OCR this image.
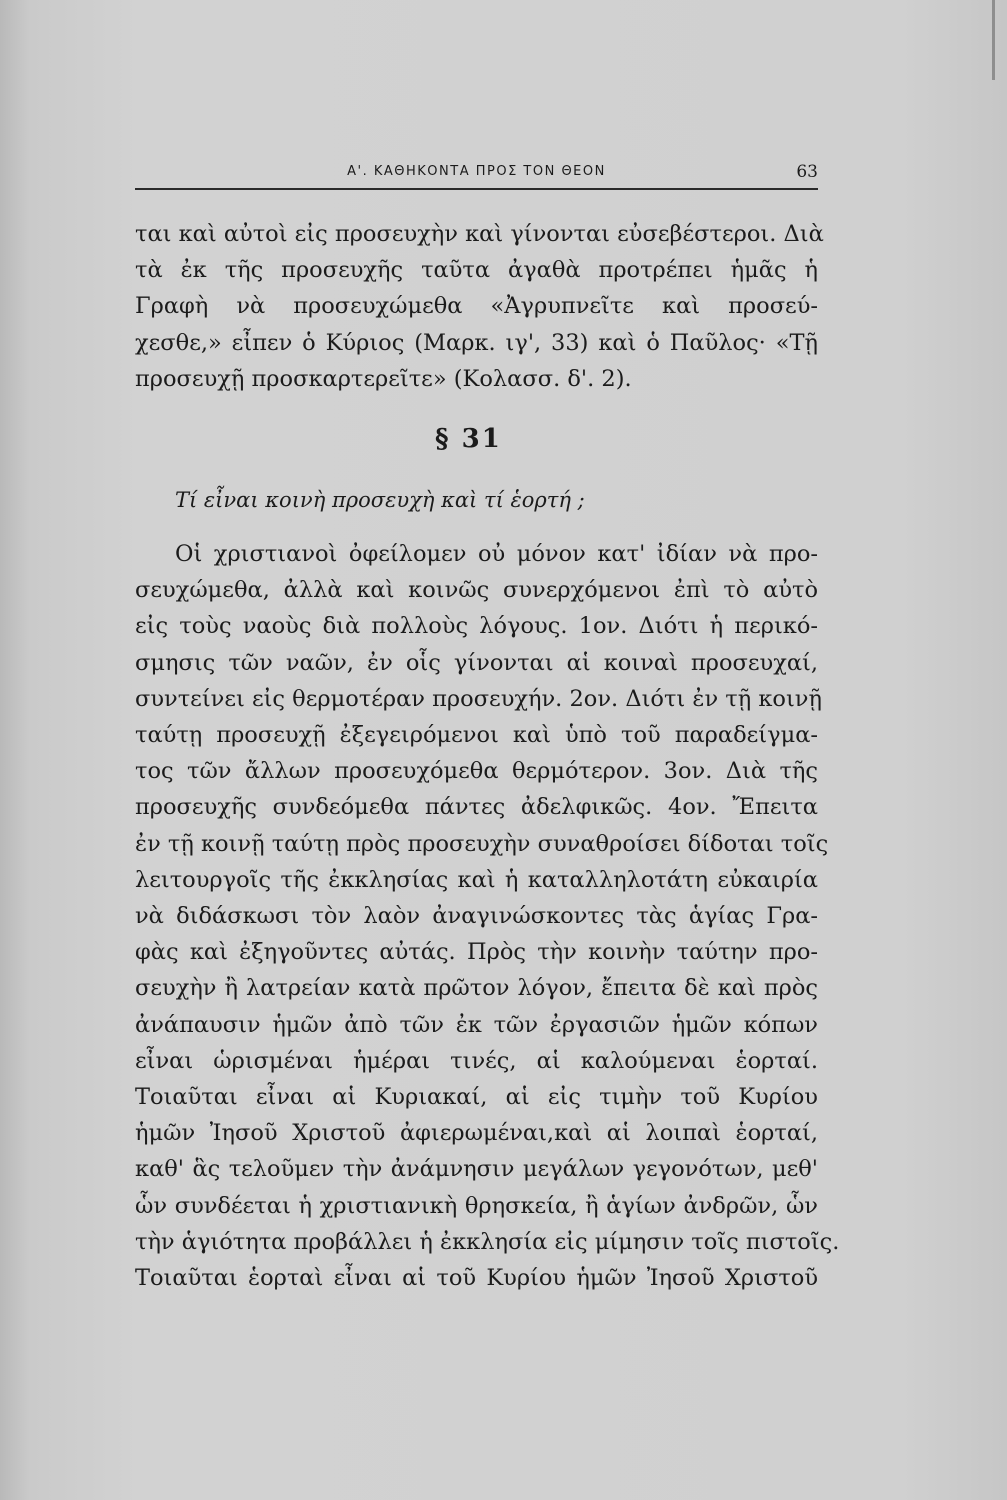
Α'. ΚΑΘΗΚΟΝΤΑ ΠΡΟΣ ΤΟΝ ΘΕΟΝ	63
ται καὶ αὐτοὶ εἰς προσευχὴν καὶ γίνονται εὐσεβέστεροι. Διὰ
τὰ ἐκ τῆς προσευχῆς ταῦτα ἀγαθὰ προτρέπει ἡμᾶς ἡ
Γραφὴ νὰ προσευχώμεθα «Ἀγρυπνεῖτε καὶ προσεύ-
χεσθε,» εἶπεν ὁ Κύριος (Μαρκ. ιγ', 33) καὶ ὁ Παῦλος· «Τῇ
προσευχῇ προσκαρτερεῖτε» (Κολασσ. δ'. 2).
§ 31
Τί εἶναι κοινὴ προσευχὴ καὶ τί ἑορτή ;
Οἱ χριστιανοὶ ὀφείλομεν οὐ μόνον κατ' ἰδίαν νὰ προ-
σευχώμεθα, ἀλλὰ καὶ κοινῶς συνερχόμενοι ἐπὶ τὸ αὐτὸ
εἰς τοὺς ναοὺς διὰ πολλοὺς λόγους. 1ον. Διότι ἡ περικό-
σμησις τῶν ναῶν, ἐν οἷς γίνονται αἱ κοιναὶ προσευχαί,
συντείνει εἰς θερμοτέραν προσευχήν. 2ον. Διότι ἐν τῇ κοινῇ
ταύτῃ προσευχῇ ἐξεγειρόμενοι καὶ ὑπὸ τοῦ παραδείγμα-
τος τῶν ἄλλων προσευχόμεθα θερμότερον. 3ον. Διὰ τῆς
προσευχῆς συνδεόμεθα πάντες ἀδελφικῶς. 4ον. Ἔπειτα
ἐν τῇ κοινῇ ταύτῃ πρὸς προσευχὴν συναθροίσει δίδοται τοῖς
λειτουργοῖς τῆς ἐκκλησίας καὶ ἡ καταλληλοτάτη εὐκαιρία
νὰ διδάσκωσι τὸν λαὸν ἀναγινώσκοντες τὰς ἁγίας Γρα-
φὰς καὶ ἐξηγοῦντες αὐτάς. Πρὸς τὴν κοινὴν ταύτην προ-
σευχὴν ἢ λατρείαν κατὰ πρῶτον λόγον, ἔπειτα δὲ καὶ πρὸς
ἀνάπαυσιν ἡμῶν ἀπὸ τῶν ἐκ τῶν ἐργασιῶν ἡμῶν κόπων
εἶναι ὡρισμέναι ἡμέραι τινές, αἱ καλούμεναι ἑορταί.
Τοιαῦται εἶναι αἱ Κυριακαί, αἱ εἰς τιμὴν τοῦ Κυρίου
ἡμῶν Ἰησοῦ Χριστοῦ ἀφιερωμέναι,καὶ αἱ λοιπαὶ ἑορταί,
καθ' ἃς τελοῦμεν τὴν ἀνάμνησιν μεγάλων γεγονότων, μεθ'
ὧν συνδέεται ἡ χριστιανικὴ θρησκεία, ἢ ἁγίων ἀνδρῶν, ὧν
τὴν ἁγιότητα προβάλλει ἡ ἐκκλησία εἰς μίμησιν τοῖς πιστοῖς.
Τοιαῦται ἑορταὶ εἶναι αἱ τοῦ Κυρίου ἡμῶν Ἰησοῦ Χριστοῦ
